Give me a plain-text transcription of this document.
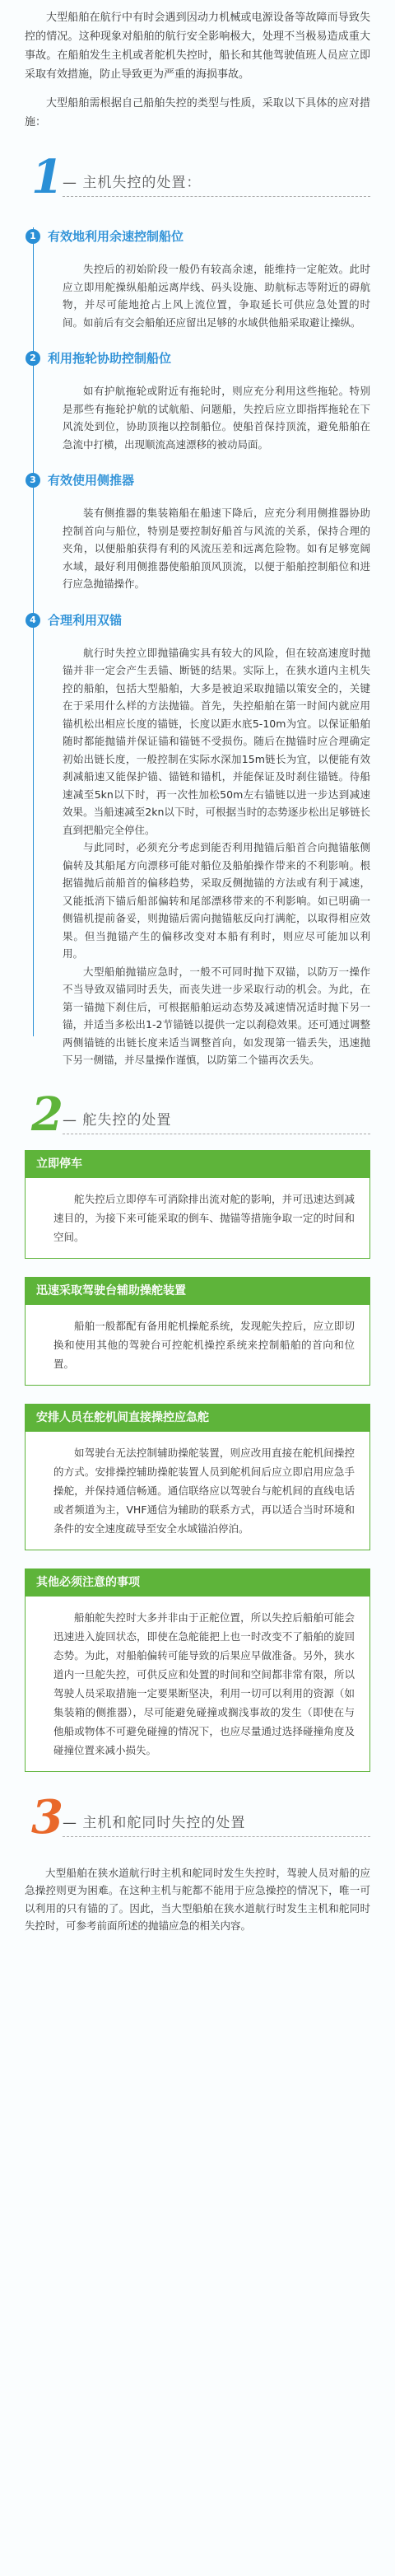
大型船舶在航行中有时会遇到因动力机械或电源设备等故障而导致失控的情况。这种现象对船舶的航行安全影响极大，处理不当极易造成重大事故。在船舶发生主机或者舵机失控时，船长和其他驾驶值班人员应立即采取有效措施，防止导致更为严重的海损事故。

大型船舶需根据自己船舶失控的类型与性质，采取以下具体的应对措施：

1 — 主机失控的处置：
1 有效地利用余速控制船位

失控后的初始阶段一般仍有较高余速，能维持一定舵效。此时应立即用舵操纵船舶远离岸线、码头设施、助航标志等附近的碍航物，并尽可能地抢占上风上流位置，争取延长可供应急处置的时间。如前后有交会船舶还应留出足够的水域供他船采取避让操纵。

2 利用拖轮协助控制船位

如有护航拖轮或附近有拖轮时，则应充分利用这些拖轮。特别是那些有拖轮护航的试航船、问题船，失控后应立即指挥拖轮在下风流处到位，协助顶拖以控制船位。使船首保持顶流，避免船舶在急流中打横，出现顺流高速漂移的被动局面。

3 有效使用侧推器

装有侧推器的集装箱船在船速下降后，应充分利用侧推器协助控制首向与船位，特别是要控制好船首与风流的关系，保持合理的夹角，以便船舶获得有利的风流压差和远离危险物。如有足够宽阔水域，最好利用侧推器使船舶顶风顶流，以便于船舶控制船位和进行应急抛锚操作。

4 合理利用双锚

航行时失控立即抛锚确实具有较大的风险，但在较高速度时抛锚并非一定会产生丢锚、断链的结果。实际上，在狭水道内主机失控的船舶，包括大型船舶，大多是被迫采取抛锚以策安全的，关键在于采用什么样的方法抛锚。首先，失控船舶在第一时间内就应用锚机松出相应长度的锚链，长度以距水底5-10m为宜。以保证船舶随时都能抛锚并保证锚和锚链不受损伤。随后在抛锚时应合理确定初始出链长度，一般控制在实际水深加15m链长为宜，以便能有效刹减船速又能保护锚、锚链和锚机，并能保证及时刹住锚链。待船速减至5kn以下时，再一次性加松50m左右锚链以进一步达到减速效果。当船速减至2kn以下时，可根据当时的态势逐步松出足够链长直到把船完全停住。

与此同时，必须充分考虑到能否利用抛锚后船首合向抛锚舷侧偏转及其船尾方向漂移可能对船位及船舶操作带来的不利影响。根据锚抛后前船首的偏移趋势，采取反侧抛锚的方法或有利于减速，又能抵消下锚后船部偏转和尾部漂移带来的不利影响。如已明确一侧锚机提前备妥，则抛锚后需向抛锚舷反向打满舵，以取得相应效果。但当抛锚产生的偏移改变对本船有利时，则应尽可能加以利用。

大型船舶抛锚应急时，一般不可同时抛下双锚，以防万一操作不当导致双锚同时丢失，而丧失进一步采取行动的机会。为此，在第一锚抛下刹住后，可根据船舶运动态势及减速情况适时抛下另一锚，并适当多松出1-2节锚链以提供一定以刹稳效果。还可通过调整两侧锚链的出链长度来适当调整首向，如发现第一锚丢失，迅速抛下另一侧锚，并尽量操作谨慎，以防第二个锚再次丢失。

2 — 舵失控的处置
立即停车

舵失控后立即停车可消除排出流对舵的影响，并可迅速达到减速目的，为接下来可能采取的倒车、抛锚等措施争取一定的时间和空间。

迅速采取驾驶台辅助操舵装置

船舶一般都配有备用舵机操舵系统，发现舵失控后，应立即切换和使用其他的驾驶台可控舵机操控系统来控制船舶的首向和位置。

安排人员在舵机间直接操控应急舵

如驾驶台无法控制辅助操舵装置，则应改用直接在舵机间操控的方式。安排操控辅助操舵装置人员到舵机间后应立即启用应急手操舵，并保持通信畅通。通信联络应以驾驶台与舵机间的直线电话或者频道为主，VHF通信为辅助的联系方式，再以适合当时环境和条件的安全速度疏导至安全水域锚泊停泊。

其他必须注意的事项

船舶舵失控时大多并非由于正舵位置，所以失控后船舶可能会迅速进入旋回状态，即使在急舵能把上也一时改变不了船舶的旋回态势。为此，对船舶偏转可能导致的后果应早做准备。另外，狭水道内一旦舵失控，可供反应和处置的时间和空间都非常有限，所以驾驶人员采取措施一定要果断坚决，利用一切可以利用的资源（如集装箱的侧推器），尽可能避免碰撞或搁浅事故的发生（即使在与他船或物体不可避免碰撞的情况下，也应尽量通过选择碰撞角度及碰撞位置来减小损失。

3 — 主机和舵同时失控的处置

大型船舶在狭水道航行时主机和舵同时发生失控时，驾驶人员对船的应急操控则更为困难。在这种主机与舵都不能用于应急操控的情况下，唯一可以利用的只有锚的了。因此，当大型船舶在狭水道航行时发生主机和舵同时失控时，可参考前面所述的抛锚应急的相关内容。
